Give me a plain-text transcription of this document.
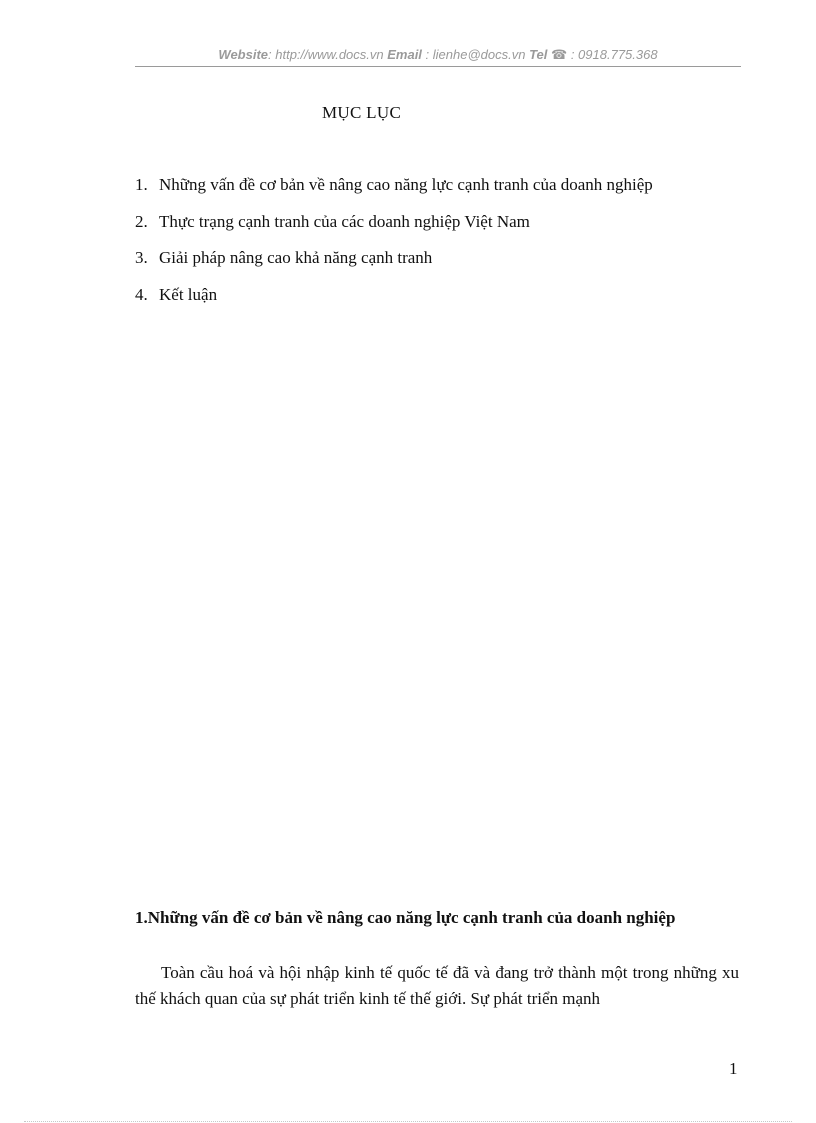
Website: http://www.docs.vn Email : lienhe@docs.vn Tel ☎ : 0918.775.368
MỤC LỤC
1. Những vấn đề cơ bản về nâng cao năng lực cạnh tranh của doanh nghiệp
2. Thực trạng cạnh tranh của các doanh nghiệp Việt Nam
3. Giải pháp nâng cao khả năng cạnh tranh
4. Kết luận
1.Những vấn đề cơ bản về nâng cao năng lực cạnh tranh của doanh nghiệp

Toàn cầu hoá và hội nhập kinh tế quốc tế đã và đang trở thành một trong những xu thế khách quan của sự phát triển kinh tế thế giới. Sự phát triển mạnh

1
